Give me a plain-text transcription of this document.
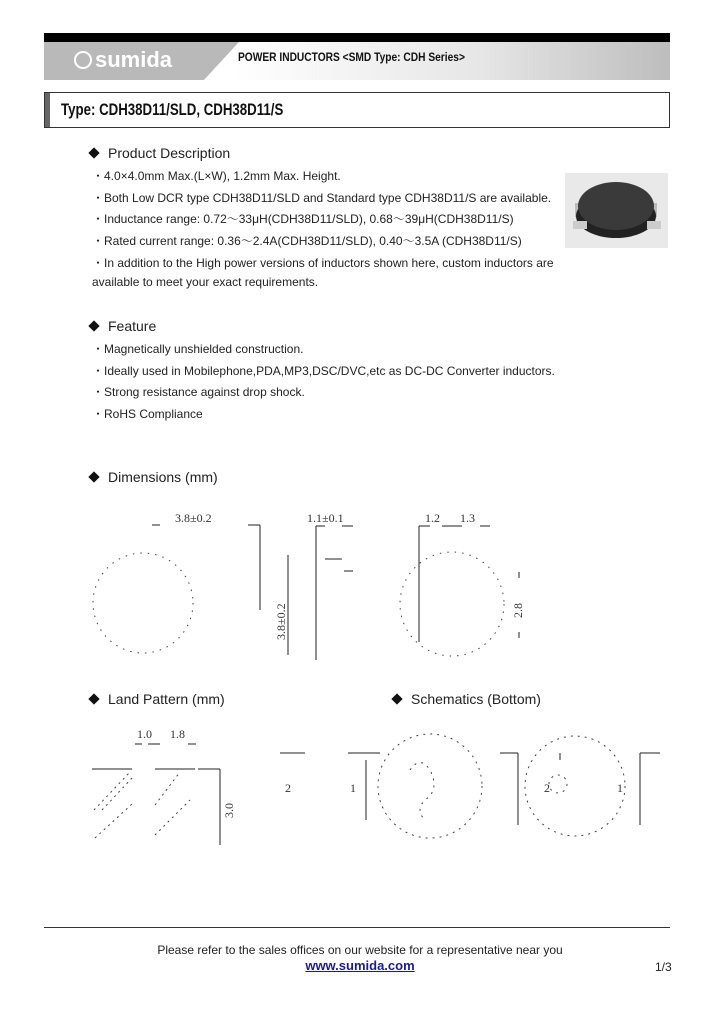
sumida	POWER INDUCTORS <SMD Type: CDH Series>
Type: CDH38D11/SLD, CDH38D11/S
Product Description
・4.0×4.0mm Max.(L×W), 1.2mm Max. Height.
・Both Low DCR type CDH38D11/SLD and Standard type CDH38D11/S are available.
・Inductance range: 0.72～33μH(CDH38D11/SLD), 0.68～39μH(CDH38D11/S)
・Rated current range: 0.36～2.4A(CDH38D11/SLD), 0.40～3.5A (CDH38D11/S)
・In addition to the High power versions of inductors shown here, custom inductors are
available to meet your exact requirements.
Feature
・Magnetically unshielded construction.
・Ideally used in Mobilephone,PDA,MP3,DSC/DVC,etc as DC-DC Converter inductors.
・Strong resistance against drop shock.
・RoHS Compliance
Dimensions (mm)
3.8±0.2	1.1±0.1	1.2 1.3
3.8±0.2	2.8
Land Pattern (mm)	Schematics (Bottom)
1.0 1.8
3.0
2	1	2	1
Please refer to the sales offices on our website for a representative near you
www.sumida.com	1/3
